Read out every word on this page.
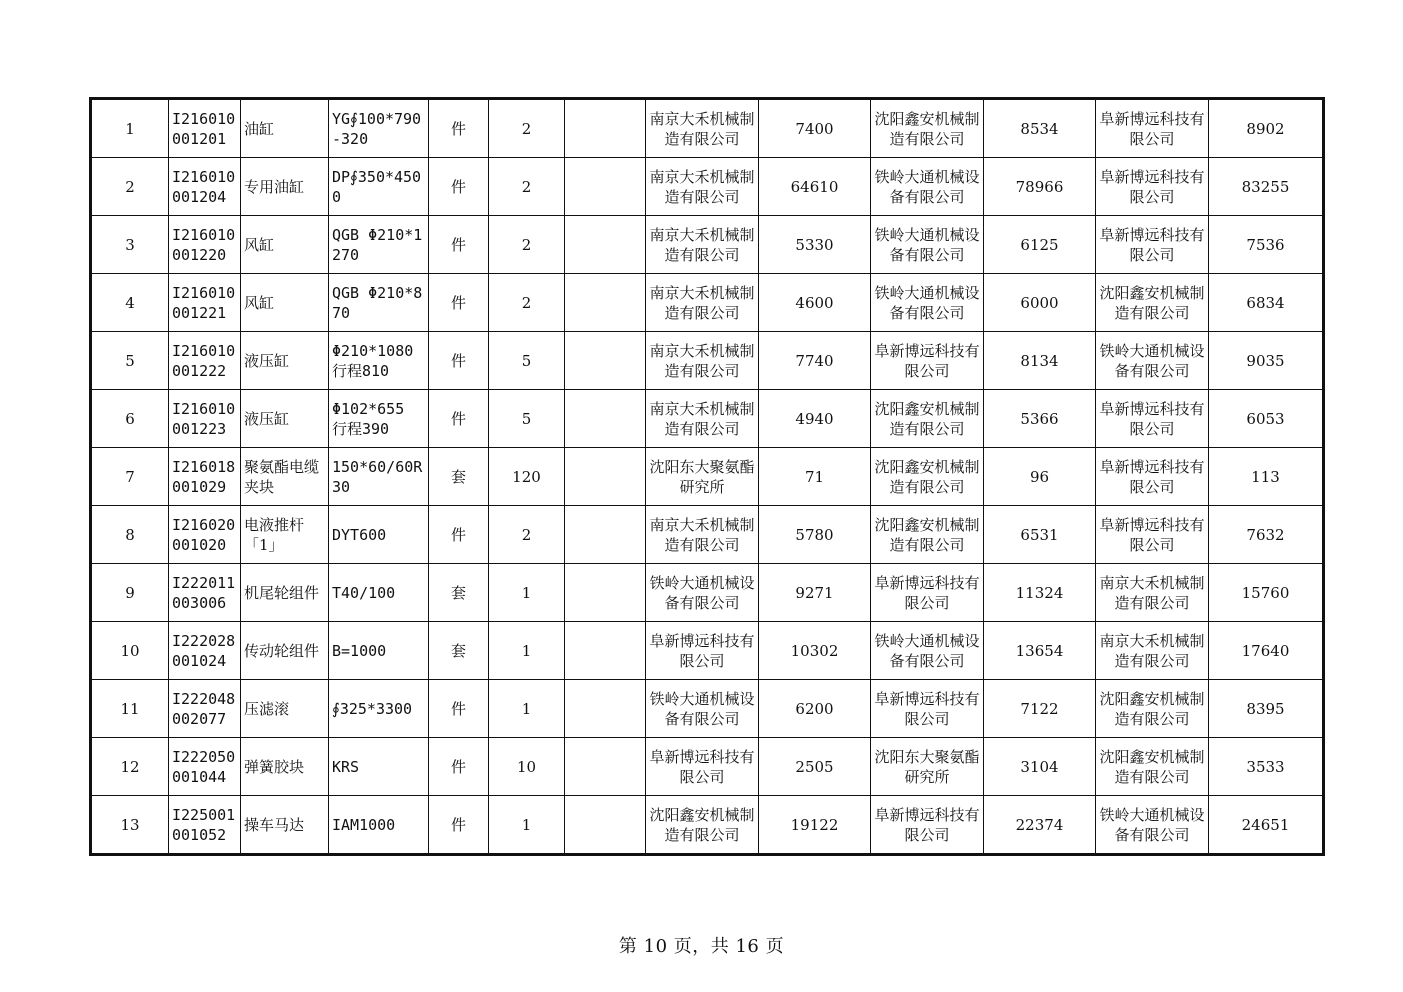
1	I216010001201	油缸	YG∮100*790-320	件	2		南京大禾机械制造有限公司	7400	沈阳鑫安机械制造有限公司	8534	阜新博远科技有限公司	8902
2	I216010001204	专用油缸	DP∮350*4500	件	2		南京大禾机械制造有限公司	64610	铁岭大通机械设备有限公司	78966	阜新博远科技有限公司	83255
3	I216010001220	风缸	QGB Φ210*1270	件	2		南京大禾机械制造有限公司	5330	铁岭大通机械设备有限公司	6125	阜新博远科技有限公司	7536
4	I216010001221	风缸	QGB Φ210*870	件	2		南京大禾机械制造有限公司	4600	铁岭大通机械设备有限公司	6000	沈阳鑫安机械制造有限公司	6834
5	I216010001222	液压缸	Φ210*1080 行程810	件	5		南京大禾机械制造有限公司	7740	阜新博远科技有限公司	8134	铁岭大通机械设备有限公司	9035
6	I216010001223	液压缸	Φ102*655 行程390	件	5		南京大禾机械制造有限公司	4940	沈阳鑫安机械制造有限公司	5366	阜新博远科技有限公司	6053
7	I216018001029	聚氨酯电缆夹块	150*60/60R30	套	120		沈阳东大聚氨酯研究所	71	沈阳鑫安机械制造有限公司	96	阜新博远科技有限公司	113
8	I216020001020	电液推杆「1」	DYT600	件	2		南京大禾机械制造有限公司	5780	沈阳鑫安机械制造有限公司	6531	阜新博远科技有限公司	7632
9	I222011003006	机尾轮组件	T40/100	套	1		铁岭大通机械设备有限公司	9271	阜新博远科技有限公司	11324	南京大禾机械制造有限公司	15760
10	I222028001024	传动轮组件	B=1000	套	1		阜新博远科技有限公司	10302	铁岭大通机械设备有限公司	13654	南京大禾机械制造有限公司	17640
11	I222048002077	压滤滚	∮325*3300	件	1		铁岭大通机械设备有限公司	6200	阜新博远科技有限公司	7122	沈阳鑫安机械制造有限公司	8395
12	I222050001044	弹簧胶块	KRS	件	10		阜新博远科技有限公司	2505	沈阳东大聚氨酯研究所	3104	沈阳鑫安机械制造有限公司	3533
13	I225001001052	操车马达	IAM1000	件	1		沈阳鑫安机械制造有限公司	19122	阜新博远科技有限公司	22374	铁岭大通机械设备有限公司	24651
第 10 页，共 16 页
